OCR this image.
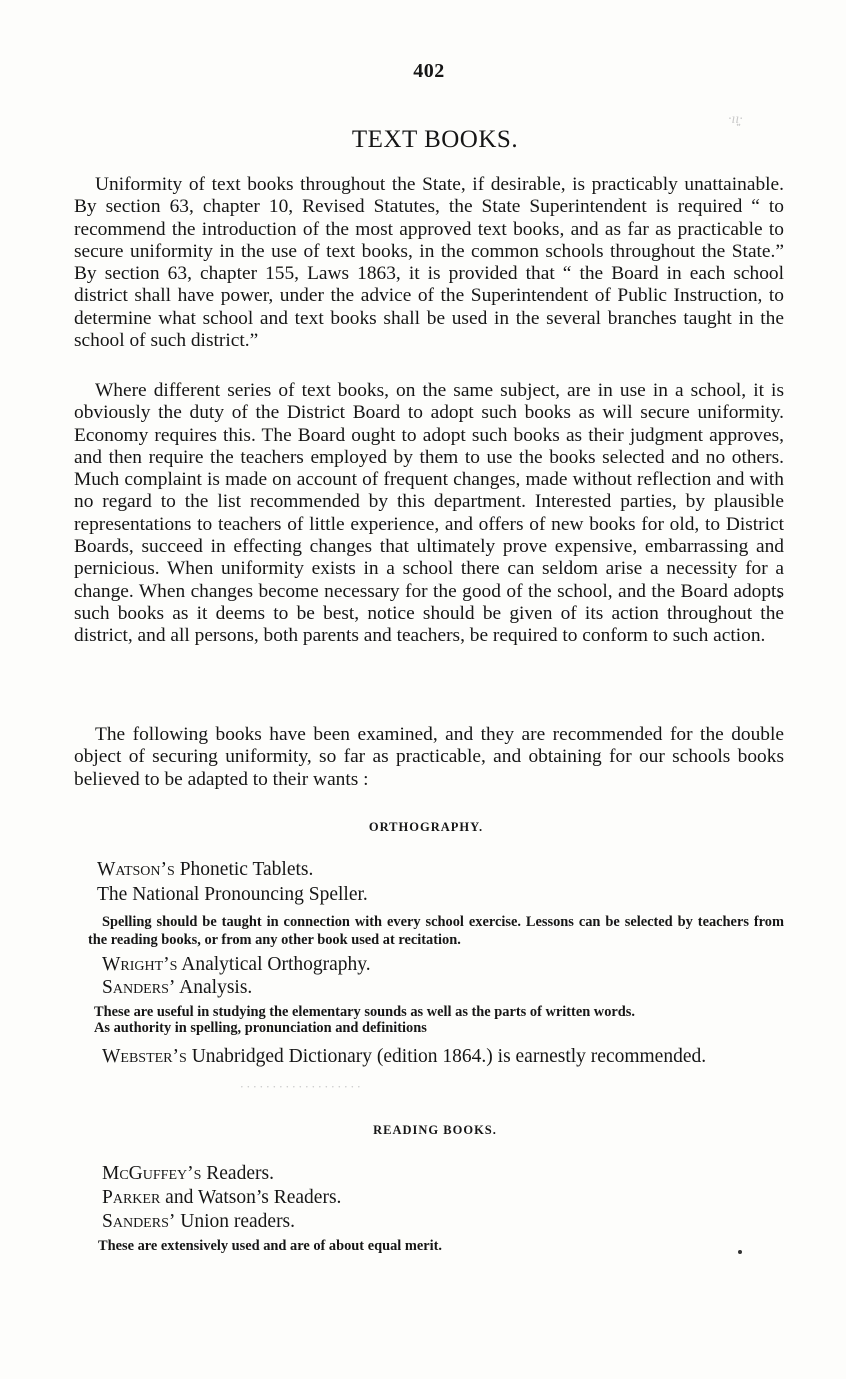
·ıı͍͍·
· · · · · · · · · · · · · · · · · · ·
402
TEXT BOOKS.

Uniformity of text books throughout the State, if desirable, is practicably unattainable. By section 63, chapter 10, Revised Statutes, the State Superintendent is required “ to recommend the introduction of the most approved text books, and as far as practicable to secure uniformity in the use of text books, in the common schools throughout the State.” By section 63, chapter 155, Laws 1863, it is provided that “ the Board in each school district shall have power, under the advice of the Superintendent of Public Instruction, to determine what school and text books shall be used in the several branches taught in the school of such district.”

Where different series of text books, on the same subject, are in use in a school, it is obviously the duty of the District Board to adopt such books as will secure uniformity. Economy requires this. The Board ought to adopt such books as their judgment approves, and then require the teachers employed by them to use the books selected and no others. Much complaint is made on account of frequent changes, made without reflection and with no regard to the list recommended by this department. Interested parties, by plausible representations to teachers of little experience, and offers of new books for old, to District Boards, succeed in effecting changes that ultimately prove expensive, embarrassing and pernicious. When uniformity exists in a school there can seldom arise a necessity for a change. When changes become necessary for the good of the school, and the Board adopts such books as it deems to be best, notice should be given of its action throughout the district, and all persons, both parents and teachers, be required to conform to such action.

The following books have been examined, and they are recommended for the double object of securing uniformity, so far as practicable, and obtaining for our schools books believed to be adapted to their wants :

ORTHOGRAPHY.
Watson’s Phonetic Tablets.
The National Pronouncing Speller.

Spelling should be taught in connection with every school exercise. Lessons can be selected by teachers from the reading books, or from any other book used at recitation.

Wright’s Analytical Orthography.
Sanders’ Analysis.

These are useful in studying the elementary sounds as well as the parts of written words.

As authority in spelling, pronunciation and definitions

Webster’s Unabridged Dictionary (edition 1864.) is earnestly recommended.

READING BOOKS.
McGuffey’s Readers.
Parker and Watson’s Readers.
Sanders’ Union readers.

These are extensively used and are of about equal merit.
